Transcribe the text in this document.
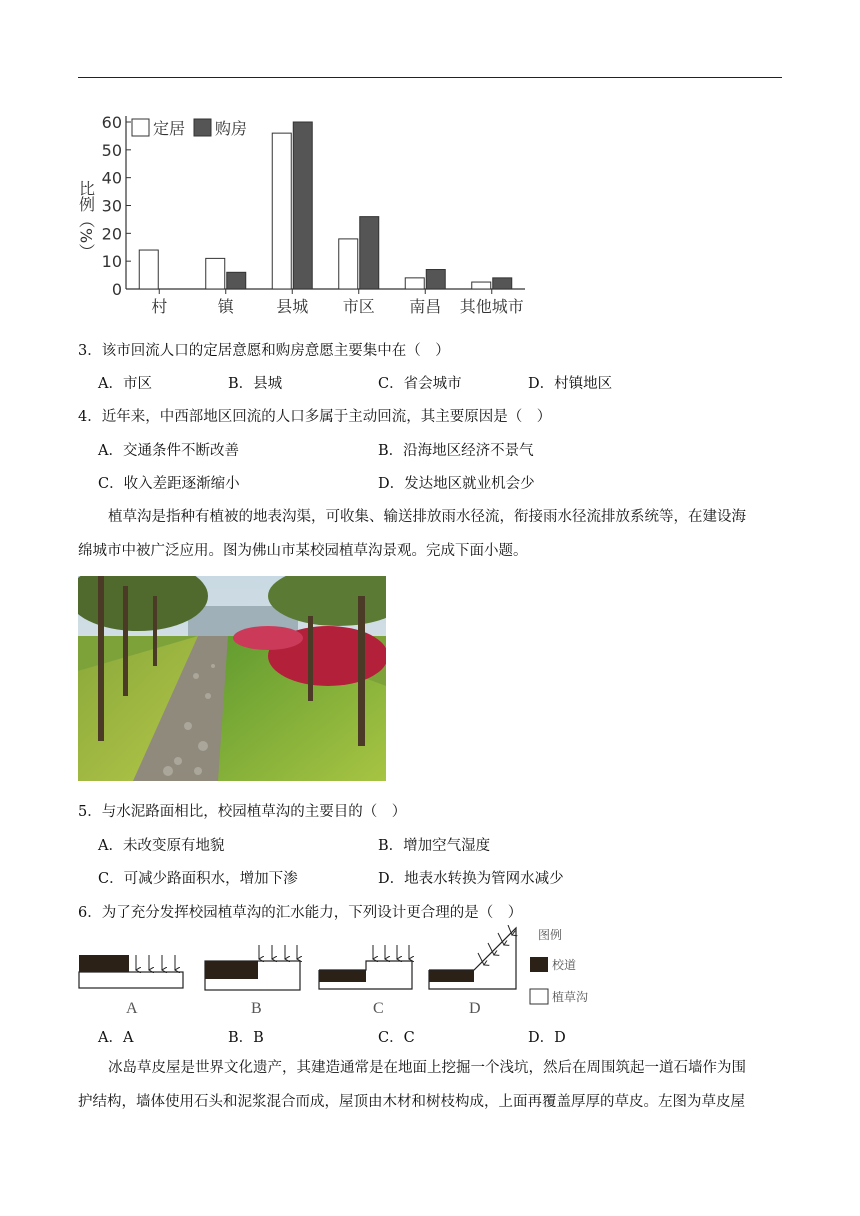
0
10
20
30
40
50
60
村	镇	县城 市区 南昌 其他城市
定居 购房
比例（%）
3．该市回流人口的定居意愿和购房意愿主要集中在（　）
A．市区	B．县城	C．省会城市	D．村镇地区
4．近年来，中西部地区回流的人口多属于主动回流，其主要原因是（　）
A．交通条件不断改善	B．沿海地区经济不景气
C．收入差距逐渐缩小	D．发达地区就业机会少
植草沟是指种有植被的地表沟渠，可收集、输送排放雨水径流，衔接雨水径流排放系统等，在建设海
绵城市中被广泛应用。图为佛山市某校园植草沟景观。完成下面小题。
5．与水泥路面相比，校园植草沟的主要目的（　）
A．未改变原有地貌	B．增加空气湿度
C．可减少路面积水，增加下渗	D．地表水转换为管网水减少
6．为了充分发挥校园植草沟的汇水能力，下列设计更合理的是（　）
A	B	C	D
图例
校道
植草沟
A．A	B．B	C．C	D．D
冰岛草皮屋是世界文化遗产，其建造通常是在地面上挖掘一个浅坑，然后在周围筑起一道石墙作为围
护结构，墙体使用石头和泥浆混合而成，屋顶由木材和树枝构成，上面再覆盖厚厚的草皮。左图为草皮屋
